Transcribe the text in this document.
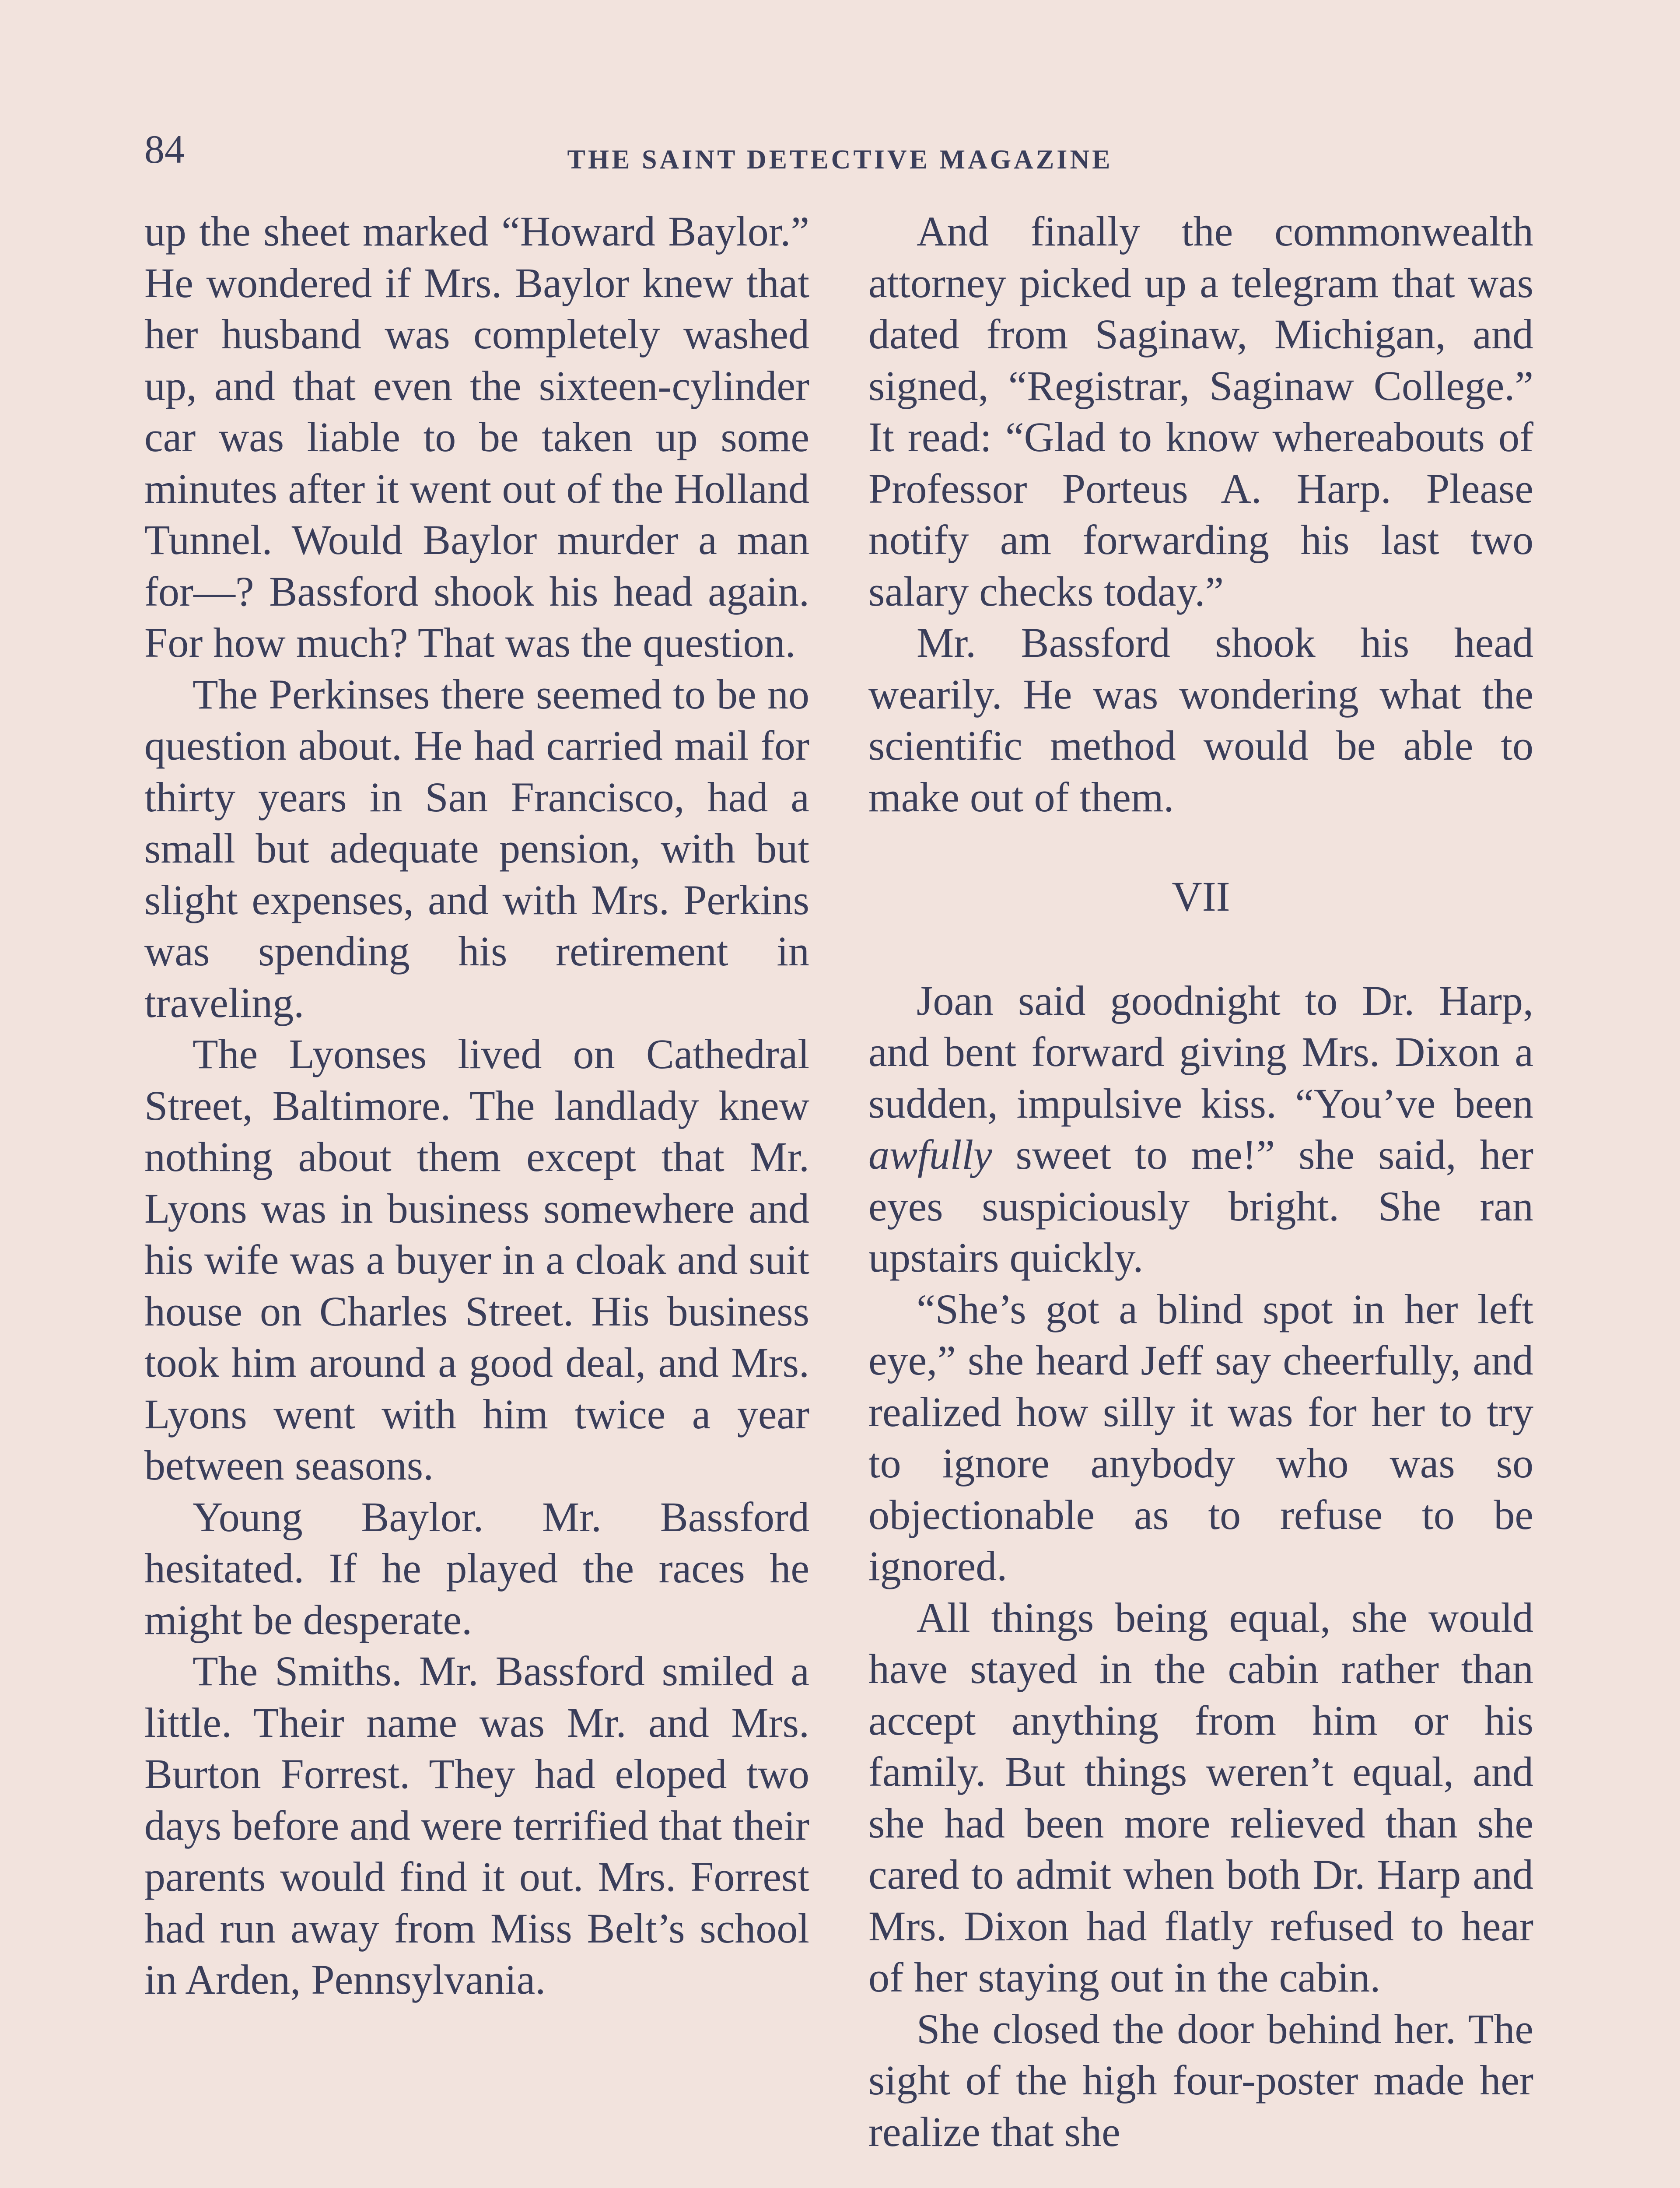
84	THE SAINT DETECTIVE MAGAZINE

up the sheet marked “Howard Baylor.” He wondered if Mrs. Baylor knew that her husband was completely washed up, and that even the sixteen-cylinder car was liable to be taken up some minutes after it went out of the Holland Tunnel. Would Baylor murder a man for—? Bassford shook his head again. For how much? That was the question.

The Perkinses there seemed to be no question about. He had carried mail for thirty years in San Francisco, had a small but adequate pension, with but slight expenses, and with Mrs. Perkins was spending his retirement in traveling.

The Lyonses lived on Cathedral Street, Baltimore. The landlady knew nothing about them except that Mr. Lyons was in business somewhere and his wife was a buyer in a cloak and suit house on Charles Street. His business took him around a good deal, and Mrs. Lyons went with him twice a year between seasons.

Young Baylor. Mr. Bassford hesitated. If he played the races he might be desperate.

The Smiths. Mr. Bassford smiled a little. Their name was Mr. and Mrs. Burton Forrest. They had eloped two days before and were terrified that their parents would find it out. Mrs. Forrest had run away from Miss Belt’s school in Arden, Pennsylvania.

And finally the commonwealth attorney picked up a telegram that was dated from Saginaw, Michigan, and signed, “Registrar, Saginaw College.” It read: “Glad to know whereabouts of Professor Porteus A. Harp. Please notify am forwarding his last two salary checks today.”

Mr. Bassford shook his head wearily. He was wondering what the scientific method would be able to make out of them.

VII

Joan said goodnight to Dr. Harp, and bent forward giving Mrs. Dixon a sudden, impulsive kiss. “You’ve been awfully sweet to me!” she said, her eyes suspiciously bright. She ran upstairs quickly.

“She’s got a blind spot in her left eye,” she heard Jeff say cheerfully, and realized how silly it was for her to try to ignore anybody who was so objectionable as to refuse to be ignored.

All things being equal, she would have stayed in the cabin rather than accept anything from him or his family. But things weren’t equal, and she had been more relieved than she cared to admit when both Dr. Harp and Mrs. Dixon had flatly refused to hear of her staying out in the cabin.

She closed the door behind her. The sight of the high four-poster made her realize that she
